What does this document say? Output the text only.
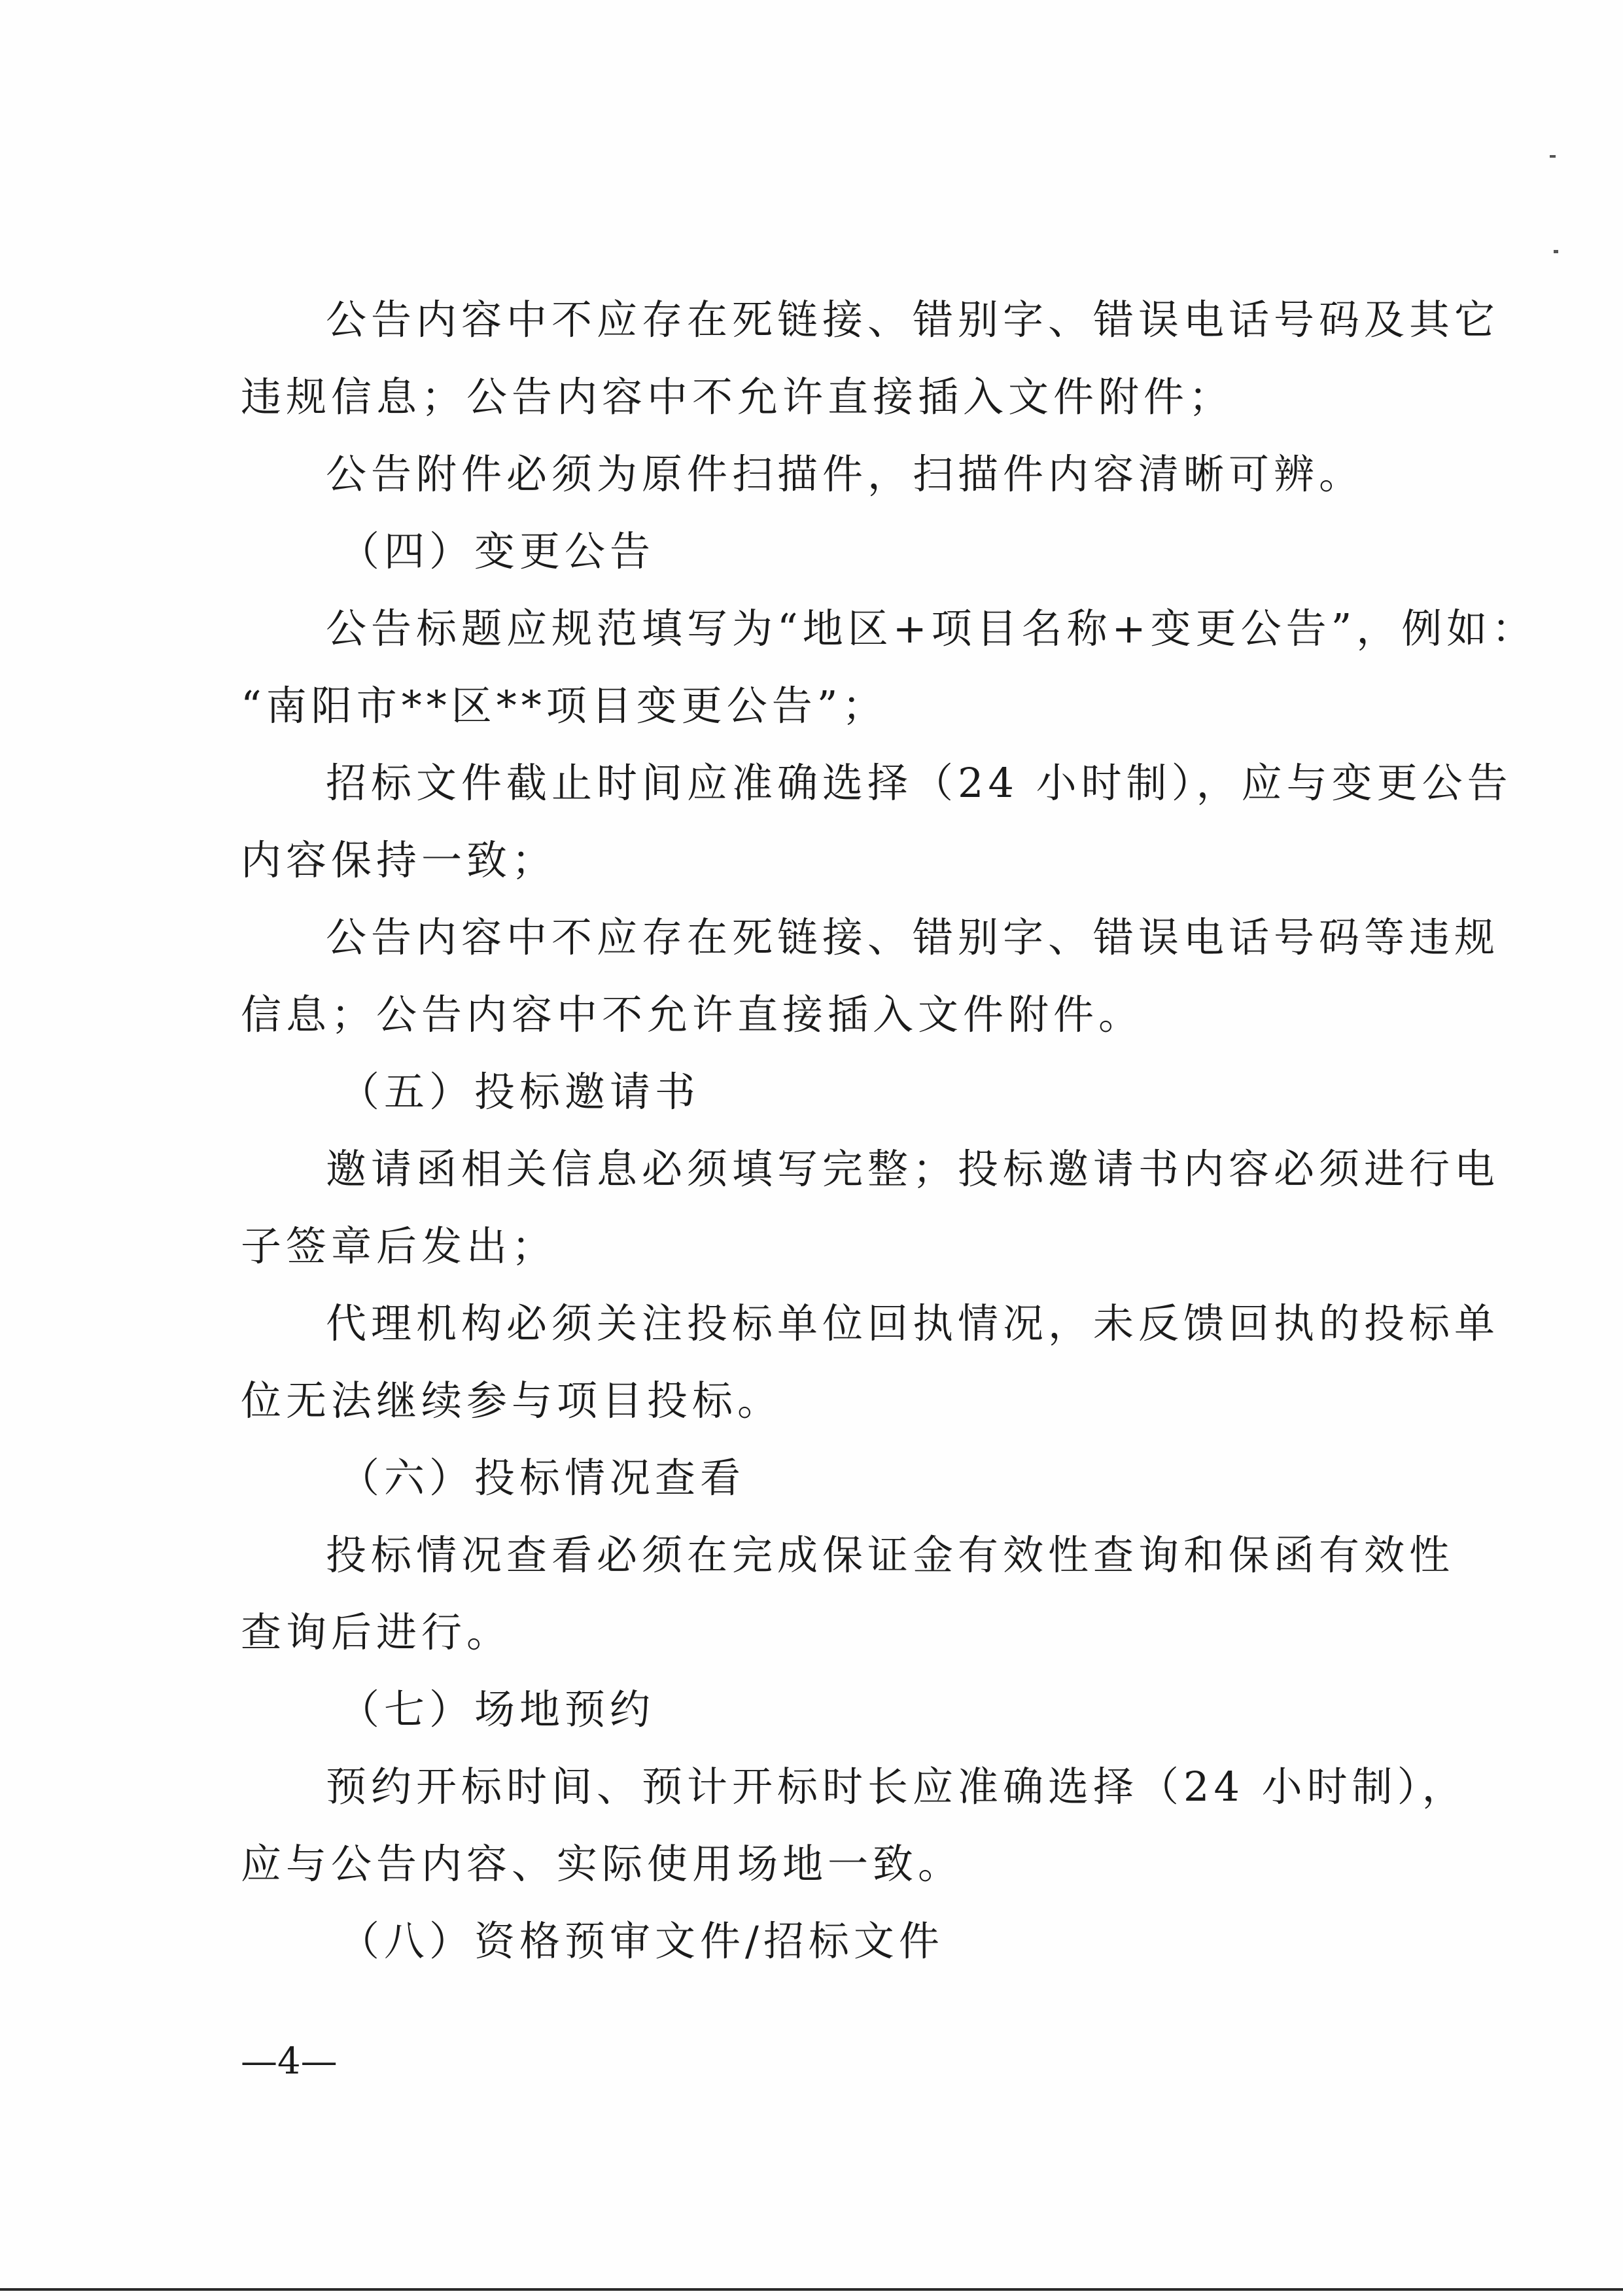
公告内容中不应存在死链接、错别字、错误电话号码及其它
违规信息；公告内容中不允许直接插入文件附件；
公告附件必须为原件扫描件，扫描件内容清晰可辨。
（四）变更公告
公告标题应规范填写为“地区+项目名称+变更公告”，例如：
“南阳市**区**项目变更公告”；
招标文件截止时间应准确选择（24 小时制），应与变更公告
内容保持一致；
公告内容中不应存在死链接、错别字、错误电话号码等违规
信息；公告内容中不允许直接插入文件附件。
（五）投标邀请书
邀请函相关信息必须填写完整；投标邀请书内容必须进行电
子签章后发出；
代理机构必须关注投标单位回执情况，未反馈回执的投标单
位无法继续参与项目投标。
（六）投标情况查看
投标情况查看必须在完成保证金有效性查询和保函有效性
查询后进行。
（七）场地预约
预约开标时间、预计开标时长应准确选择（24 小时制），
应与公告内容、实际使用场地一致。
（八）资格预审文件/招标文件
—4—
